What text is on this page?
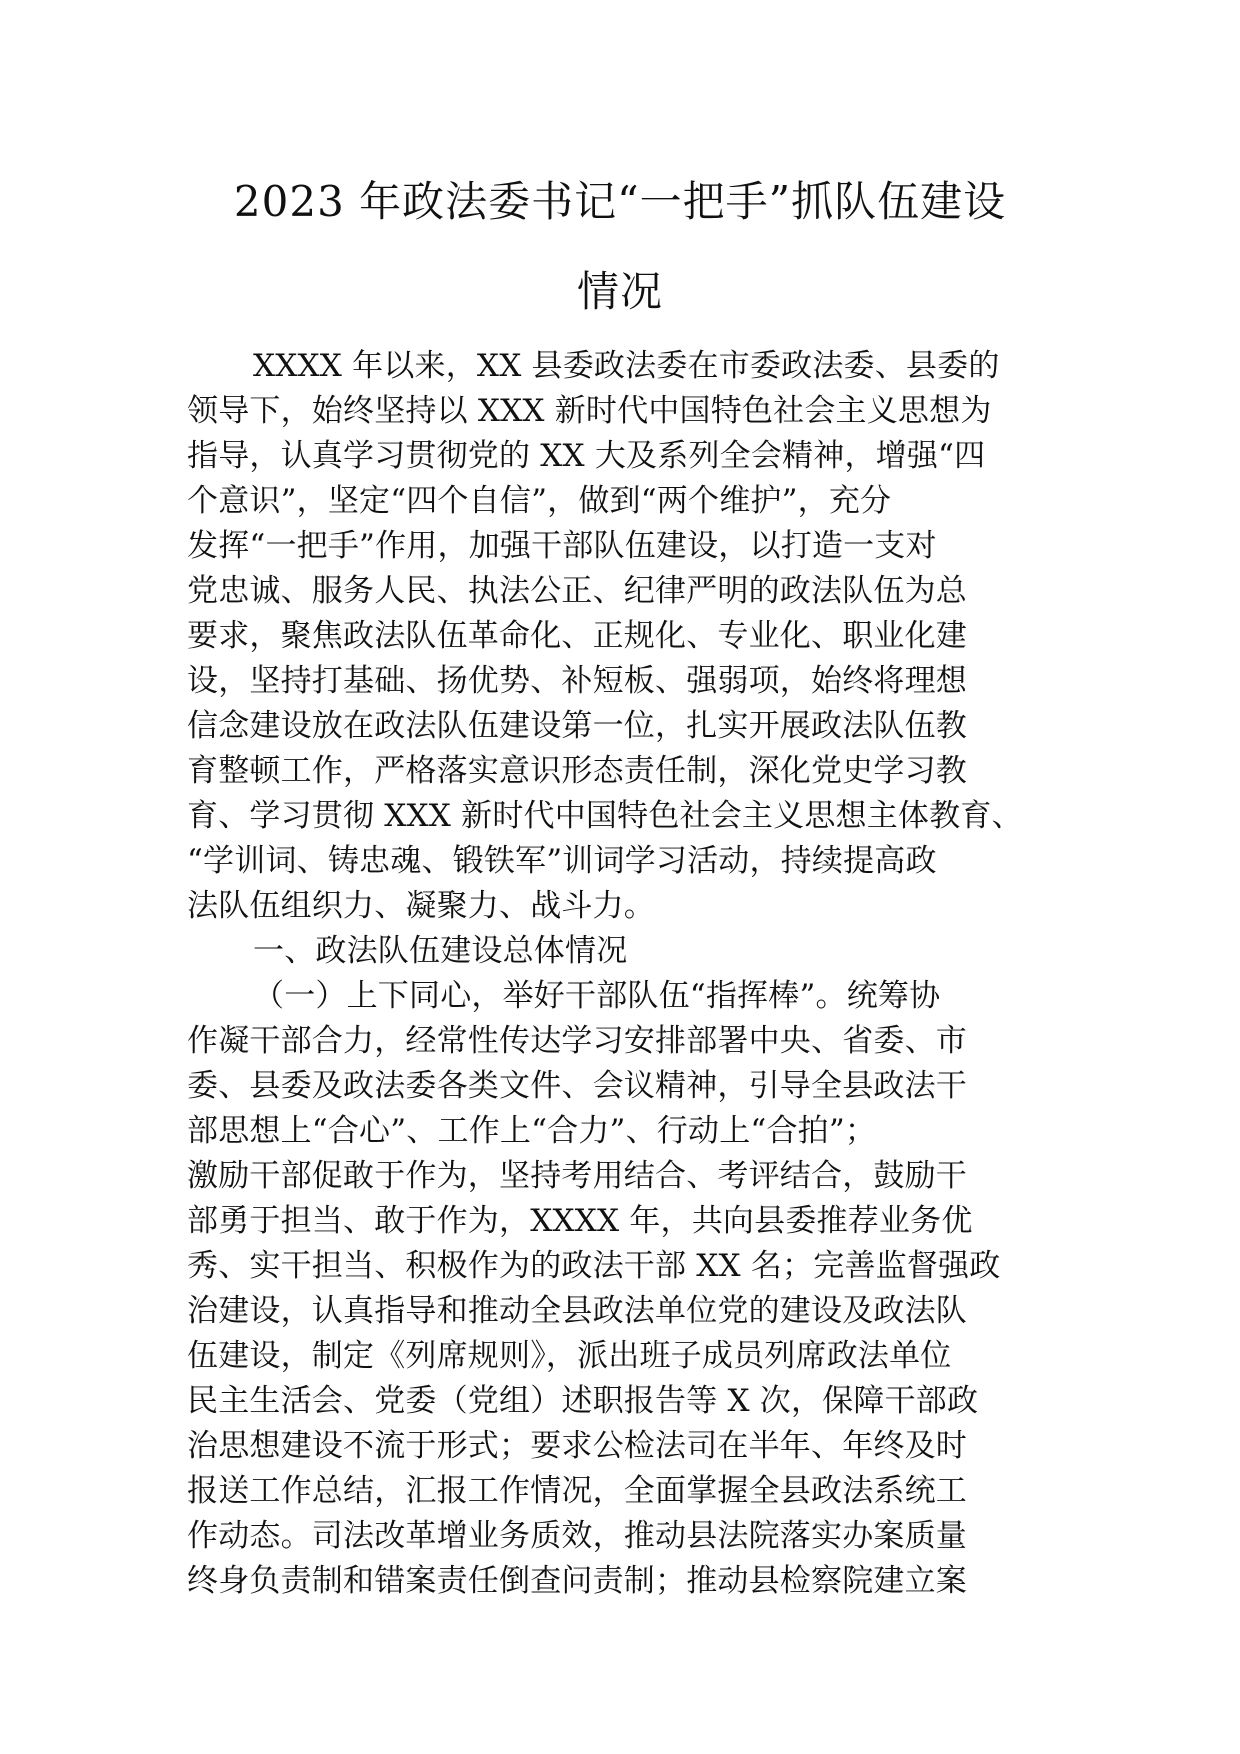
2023 年政法委书记“一把手”抓队伍建设
情况
XXXX 年以来，XX 县委政法委在市委政法委、县委的
领导下，始终坚持以 XXX 新时代中国特色社会主义思想为
指导，认真学习贯彻党的 XX 大及系列全会精神，增强“四
个意识”，坚定“四个自信”，做到“两个维护”，充分
发挥“一把手”作用，加强干部队伍建设，以打造一支对
党忠诚、服务人民、执法公正、纪律严明的政法队伍为总
要求，聚焦政法队伍革命化、正规化、专业化、职业化建
设，坚持打基础、扬优势、补短板、强弱项，始终将理想
信念建设放在政法队伍建设第一位，扎实开展政法队伍教
育整顿工作，严格落实意识形态责任制，深化党史学习教
育、学习贯彻 XXX 新时代中国特色社会主义思想主体教育、
“学训词、铸忠魂、锻铁军”训词学习活动，持续提高政
法队伍组织力、凝聚力、战斗力。
一、政法队伍建设总体情况
（一）上下同心，举好干部队伍“指挥棒”。统筹协
作凝干部合力，经常性传达学习安排部署中央、省委、市
委、县委及政法委各类文件、会议精神，引导全县政法干
部思想上“合心”、工作上“合力”、行动上“合拍”；
激励干部促敢于作为，坚持考用结合、考评结合，鼓励干
部勇于担当、敢于作为，XXXX 年，共向县委推荐业务优
秀、实干担当、积极作为的政法干部 XX 名；完善监督强政
治建设，认真指导和推动全县政法单位党的建设及政法队
伍建设，制定《列席规则》，派出班子成员列席政法单位
民主生活会、党委（党组）述职报告等 X 次，保障干部政
治思想建设不流于形式；要求公检法司在半年、年终及时
报送工作总结，汇报工作情况，全面掌握全县政法系统工
作动态。司法改革增业务质效，推动县法院落实办案质量
终身负责制和错案责任倒查问责制；推动县检察院建立案
